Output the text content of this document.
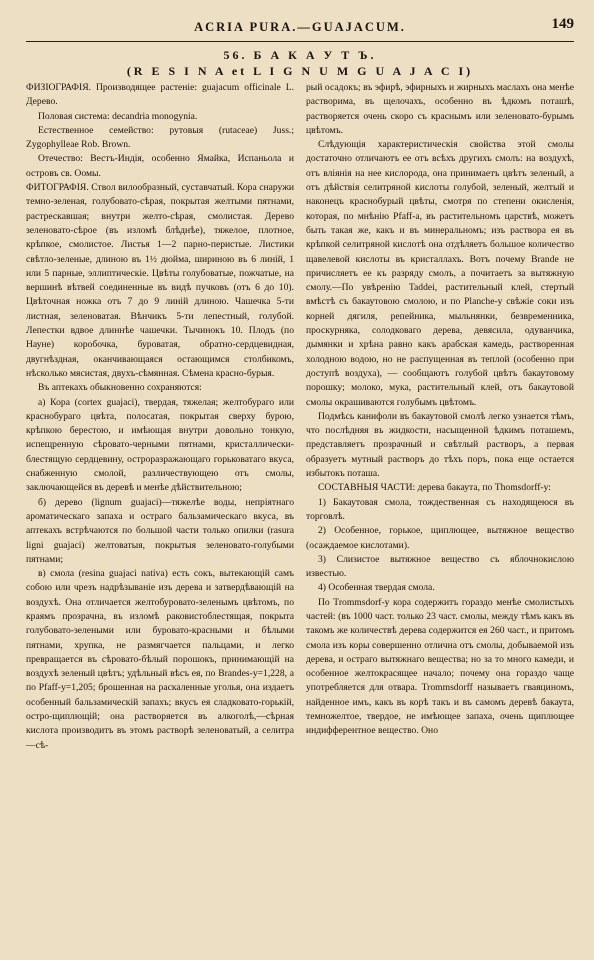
ACRIA PURA.—GUAJACUM.	149
56. Б А К А У Т Ъ.
(R E S I N A et L I G N U M G U A J A C I)

ФИЗІОГРАФІЯ. Производящее растеніе: guajacum officinale L. Дерево.

Половая система: decandria monogynia.

Естественное семейство: рутовыя (rutaceae) Juss.; Zygophylleae Rob. Brown.

Отечество: Вестъ-Индія, особенно Ямайка, Испаньола и островъ св. Оомы.

ФИТОГРАФІЯ. Ствол вилообразный, суставчатый. Кора снаружи темно-зеленая, голубовато-сѣрая, покрытая желтыми пятнами, растрескавшая; внутри желто-сѣрая, смолистая. Дерево зеленовато-сѣрое (въ изломѣ блѣднѣе), тяжелое, плотное, крѣпкое, смолистое. Листья 1—2 парно-перистые. Листики свѣтло-зеленые, длиною въ 1½ дюйма, шириною въ 6 линій, 1 или 5 парные, эллиптическіе. Цвѣты голубоватые, пожчатые, на вершинѣ вѣтвей соединенные въ видѣ пучковъ (отъ 6 до 10). Цвѣточная ножка отъ 7 до 9 линій длиною. Чашечка 5-ти листная, зеленоватая. Вѣнчикъ 5-ти лепестный, голубой. Лепестки вдвое длиннѣе чашечки. Тычинокъ 10. Плодъ (по Науне) коробочка, буроватая, обратно-сердцевидная, двугнѣздная, оканчивающаяся остающимся столбикомъ, нѣсколько мясистая, двухъ-сѣмянная. Сѣмена красно-бурыя.

Въ аптекахъ обыкновенно сохраняются:

а) Кора (cortex guajaci), твердая, тяжелая; желтобураго или краснобураго цвѣта, полосатая, покрытая сверху бурою, крѣпкою берестою, и имѣющая внутри довольно тонкую, испещренную сѣровато-черными пятнами, кристаллически-блестящую сердцевину, остроразражающаго горьковатаго вкуса, снабженную смолой, различествующею отъ смолы, заключающейся въ деревѣ и менѣе дѣйствительною;

б) дерево (lignum guajaci)—тяжелѣе воды, непріятнаго ароматическаго запаха и остраго бальзамическаго вкуса, въ аптекахъ встрѣчаются по большой части только опилки (rasura ligni guajaci) желтоватыя, покрытыя зеленовато-голубыми пятнами;

в) смола (resina guajaci nativa) есть сокъ, вытекающій самъ собою или чрезъ надрѣзываніе изъ дерева и затвердѣвающій на воздухѣ. Она отличается желтобуровато-зеленымъ цвѣтомъ, по краямъ прозрачна, въ изломѣ раковистоблестящая, покрыта голубовато-зелеными или буровато-красными и бѣлыми пятнами, хрупка, не размягчается пальцами, и легко превращается въ сѣровато-бѣлый порошокъ, принимающій на воздухѣ зеленый цвѣтъ; удѣльный вѣсъ ея, по Brandes-у=1,228, а по Pfaff-у=1,205; брошенная на раскаленные уголья, она издаетъ особенный бальзамическій запахъ; вкусъ ея сладковато-горькій, остро-щиплющій; она растворяется въ алкоголѣ,—сѣрная кислота производитъ въ этомъ растворѣ зеленоватый, а селитра—сѣ-

рый осадокъ; въ эфирѣ, эфирныхъ и жирныхъ маслахъ она менѣе растворима, въ щелочахъ, особенно въ ѣдкомъ поташѣ, растворяется очень скоро съ краснымъ или зеленовато-бурымъ цвѣтомъ.

Слѣдующія характеристическія свойства этой смолы достаточно отличаютъ ее отъ всѣхъ другихъ смолъ: на воздухѣ, отъ вліянія на нее кислорода, она принимаетъ цвѣтъ зеленый, а отъ дѣйствія селитряной кислоты голубой, зеленый, желтый и наконецъ краснобурый цвѣты, смотря по степени окисленія, которая, по мнѣнію Pfaff-а, въ растительномъ царствѣ, можетъ быть такая же, какъ и въ минеральномъ; изъ раствора ея въ крѣпкой селитряной кислотѣ она отдѣляетъ большое количество щавелевой кислоты въ кристаллахъ. Вотъ почему Brande не причисляетъ ее къ разряду смолъ, а почитаетъ за вытяжную смолу.—По увѣренію Taddei, растительный клей, стертый вмѣстѣ съ бакаутовою смолою, и по Planche-у свѣжіе соки изъ корней дягиля, репейника, мыльнянки, безвременника, проскурняка, солодковаго дерева, девясила, одуванчика, дымянки и хрѣна равно какъ арабская камедь, растворенная холодною водою, но не распущенная въ теплой (особенно при доступѣ воздуха), — сообщаютъ голубой цвѣтъ бакаутовому порошку; молоко, мука, растительный клей, отъ бакаутовой смолы окрашиваются голубымъ цвѣтомъ.

Подмѣсь канифоли въ бакаутовой смолѣ легко узнается тѣмъ, что послѣдняя въ жидкости, насыщенной ѣдкимъ поташемъ, представляетъ прозрачный и свѣтлый растворъ, а первая образуетъ мутный растворъ до тѣхъ поръ, пока еще остается избытокъ поташа.

СОСТАВНЫЯ ЧАСТИ: дерева бакаута, по Thomsdorff-у:

1) Бакаутовая смола, тождественная съ находящеюся въ торговлѣ.

2) Особенное, горькое, щиплющее, вытяжное вещество (осаждаемое кислотами).

3) Слизистое вытяжное вещество съ яблочнокислою известью.

4) Особенная твердая смола.

По Trommsdorf-у кора содержитъ гораздо менѣе смолистыхъ частей: (въ 1000 част. только 23 част. смолы, между тѣмъ какъ въ такомъ же количествѣ дерева содержится ея 260 част., и притомъ смола изъ коры совершенно отлична отъ смолы, добываемой изъ дерева, и остраго вытяжнаго вещества; но за то много камеди, и особенное желтокрасящее начало; почему она гораздо чаще употребляется для отвара. Trommsdorff называетъ гваяциномъ, найденное имъ, какъ въ корѣ такъ и въ самомъ деревѣ бакаута, темножелтое, твердое, не имѣющее запаха, очень щиплющее индифферентное вещество. Оно
